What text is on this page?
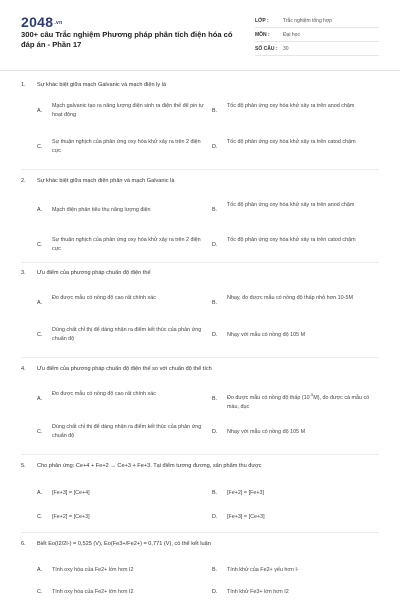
2048.vn
300+ câu Trắc nghiệm Phương pháp phân tích điện hóa có đáp án - Phần 17
LỚP :	Trắc nghiệm tổng hợp
MÔN :	Đại học
SỐ CÂU :	30
1. Sự khác biệt giữa mạch Galvanic và mạch điện ly là
A.
Mạch galvanic tạo ra năng lượng điện sinh ra điện thế để pin tự hoạt động
B.
Tốc độ phản ứng oxy hóa khử xảy ra trên anod chậm
C.
Sự thuận nghịch của phản ứng oxy hóa khử xảy ra trên 2 điện cực
D.
Tốc độ phản ứng oxy hóa khử xảy ra trên catod chậm
2. Sự khác biệt giữa mạch điện phân và mạch Galvanic là
A. Mạch điện phân tiêu thụ năng lượng điện	B.
Tốc độ phản ứng oxy hóa khử xảy ra trên anod chậm
C.
Sự thuận nghịch của phản ứng oxy hóa khử xảy ra trên 2 điện cực
D.
Tốc độ phản ứng oxy hóa khử xảy ra trên catod chậm
3. Ưu điểm của phương pháp chuẩn độ điện thế
A.
Đo được mẫu có nồng độ cao rất chính xác
B.
Nhạy, đo được mẫu có nồng độ thấp nhỏ hơn 10-5M
C.
Dùng chất chỉ thị để dàng nhận ra điểm kết thúc của phản ứng chuẩn độ
D. Nhạy với mẫu có nồng độ 105 M
4. Ưu điểm của phương pháp chuẩn độ điện thế so với chuẩn độ thể tích
A.
Đo được mẫu có nồng độ cao rất chính xác
B. Đo được mẫu có nồng độ thấp $(10^{-5}M)$, đo được cả mẫu có màu, đục
C.
Dùng chất chỉ thị để dàng nhận ra điểm kết thúc của phản ứng chuẩn độ
D. Nhạy với mẫu có nồng độ 105 M
5. Cho phản ứng: Ce+4 + Fe+2 → Ce+3 + Fe+3. Tại điểm tương đương, sản phẩm thu được
A. [Fe+3] = [Ce+4]	B. [Fe+2] = [Fe+3]
C. [Fe+2] = [Ce+3]	D. [Fe+3] = [Ce+3]
6. Biết Eo(I2/2I-) = 0,525 (V), Eo(Fe3+/Fe2+) = 0,771 (V), có thể kết luận
A. Tính oxy hóa của Fe2+ lớn hơn I2	B. Tính khử của Fe2+ yếu hơn I-
C. Tính oxy hóa của Fe2+ lớn hơn I2	D. Tính khử Fe3+ lớn hơn I2
